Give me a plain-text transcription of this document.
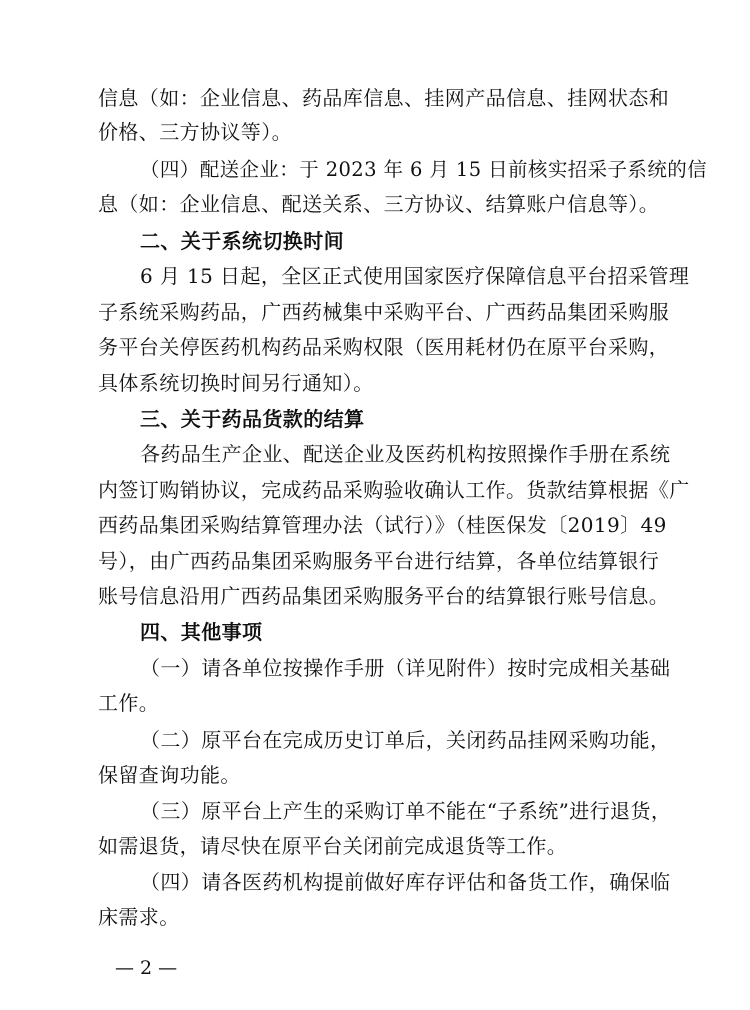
信息（如：企业信息、药品库信息、挂网产品信息、挂网状态和
价格、三方协议等）。
（四）配送企业：于 2023 年 6 月 15 日前核实招采子系统的信
息（如：企业信息、配送关系、三方协议、结算账户信息等）。
二、关于系统切换时间
6 月 15 日起，全区正式使用国家医疗保障信息平台招采管理
子系统采购药品，广西药械集中采购平台、广西药品集团采购服
务平台关停医药机构药品采购权限（医用耗材仍在原平台采购，
具体系统切换时间另行通知）。
三、关于药品货款的结算
各药品生产企业、配送企业及医药机构按照操作手册在系统
内签订购销协议，完成药品采购验收确认工作。货款结算根据《广
西药品集团采购结算管理办法（试行）》（桂医保发〔2019〕49
号），由广西药品集团采购服务平台进行结算，各单位结算银行
账号信息沿用广西药品集团采购服务平台的结算银行账号信息。
四、其他事项
（一）请各单位按操作手册（详见附件）按时完成相关基础
工作。
（二）原平台在完成历史订单后，关闭药品挂网采购功能，
保留查询功能。
（三）原平台上产生的采购订单不能在“子系统”进行退货，
如需退货，请尽快在原平台关闭前完成退货等工作。
（四）请各医药机构提前做好库存评估和备货工作，确保临
床需求。
— 2 —
